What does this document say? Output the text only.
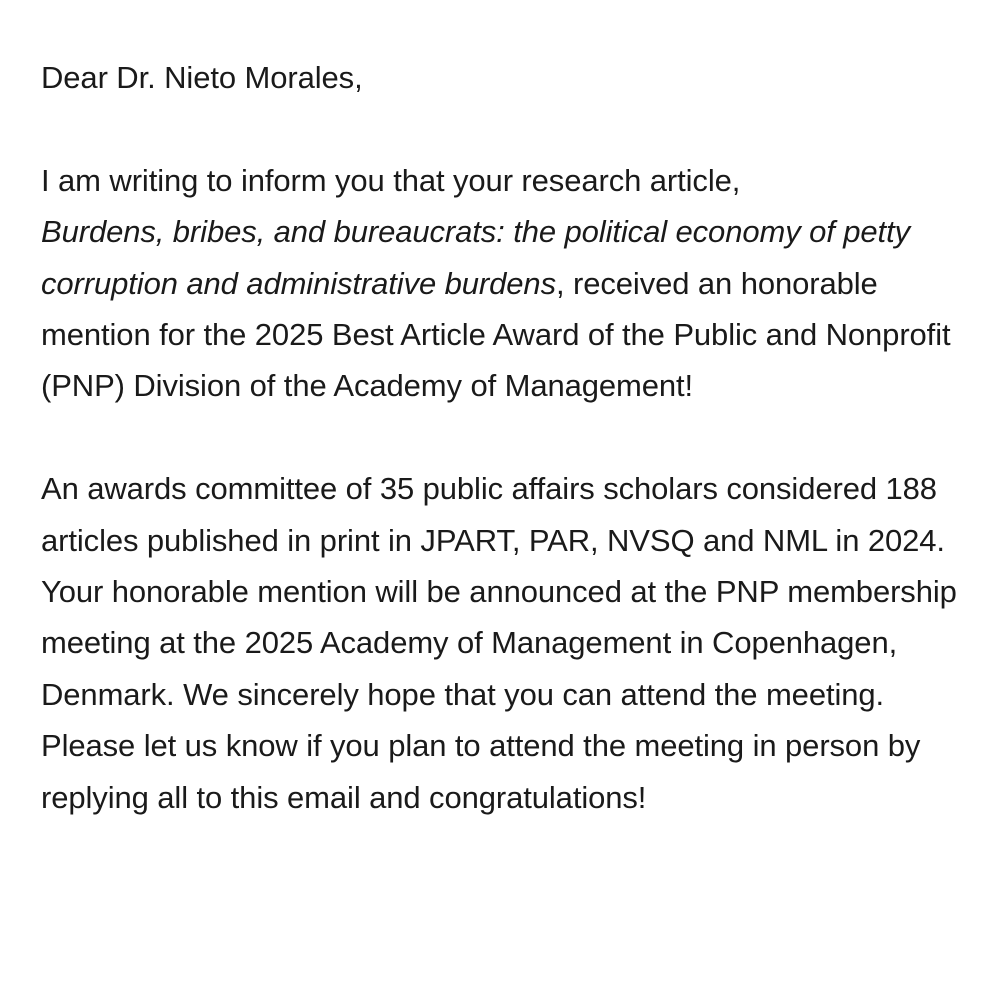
Dear Dr. Nieto Morales,

I am writing to inform you that your research article,
Burdens, bribes, and bureaucrats: the political economy of petty corruption and administrative burdens, received an honorable mention for the 2025 Best Article Award of the Public and Nonprofit (PNP) Division of the Academy of Management!

An awards committee of 35 public affairs scholars considered 188 articles published in print in JPART, PAR, NVSQ and NML in 2024. Your honorable mention will be announced at the PNP membership meeting at the 2025 Academy of Management in Copenhagen, Denmark. We sincerely hope that you can attend the meeting. Please let us know if you plan to attend the meeting in person by replying all to this email and congratulations!
